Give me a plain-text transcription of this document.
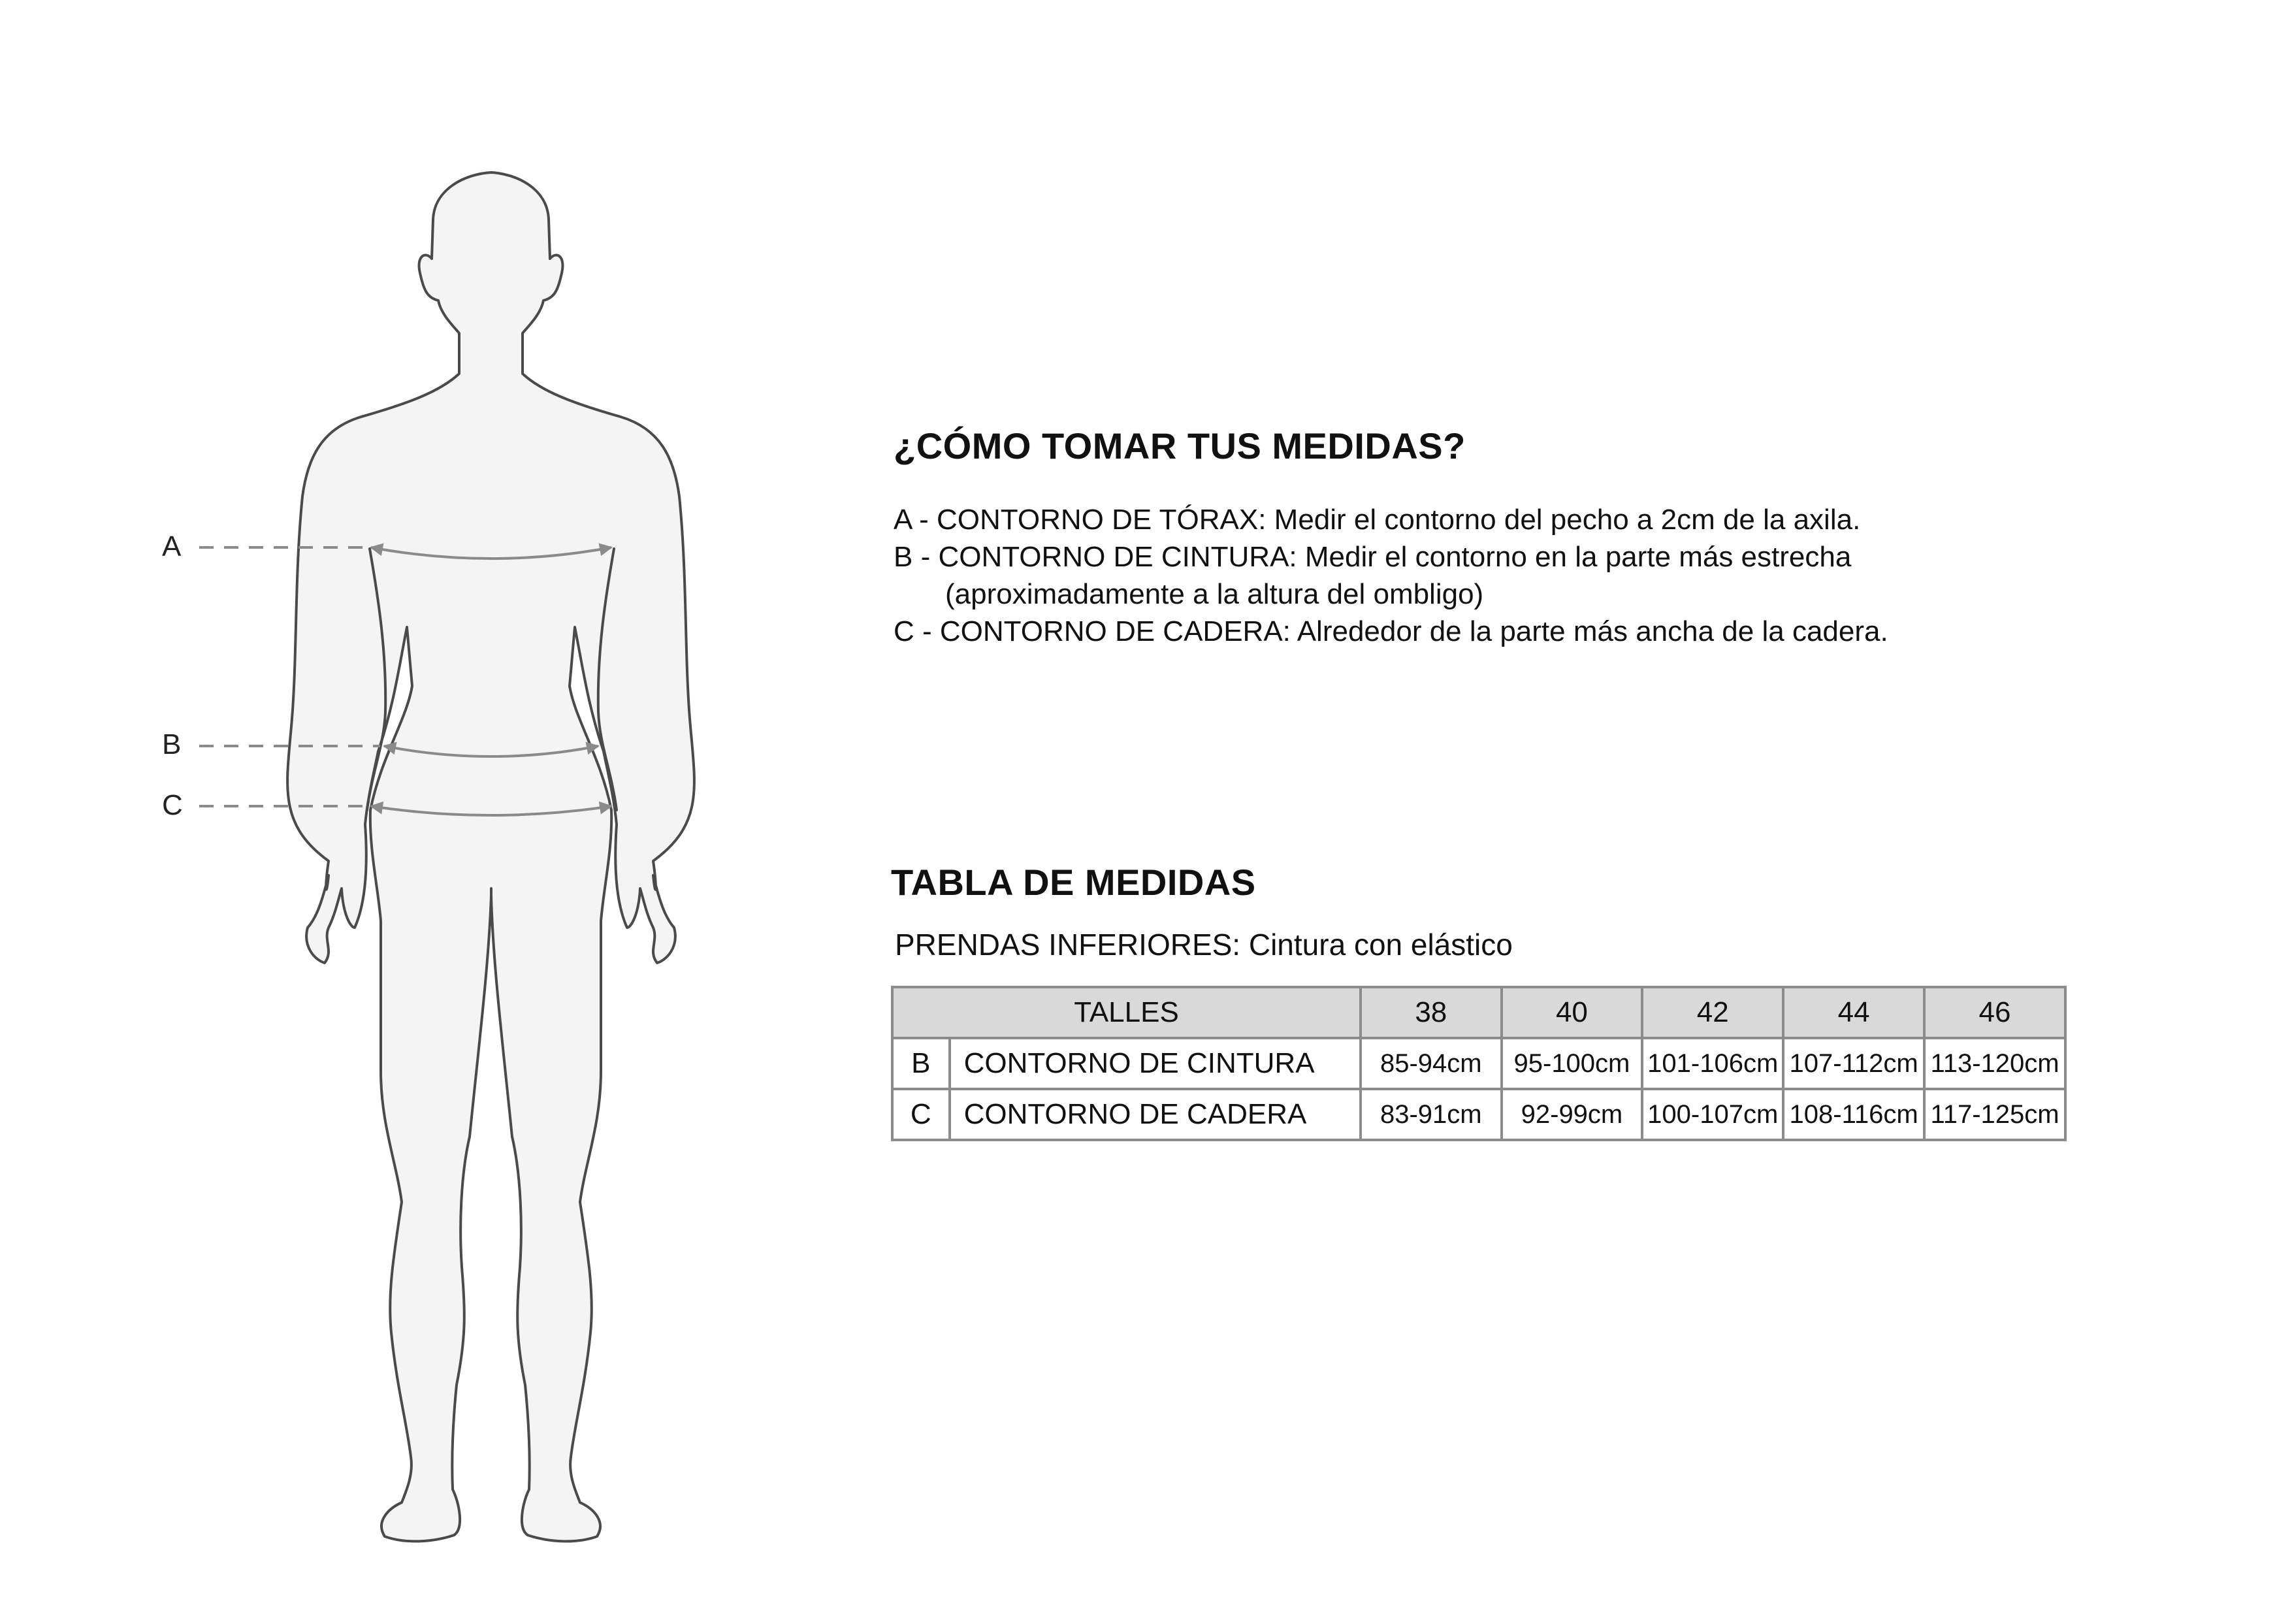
A
B
C
¿CÓMO TOMAR TUS MEDIDAS?

A - CONTORNO DE TÓRAX: Medir el contorno del pecho a 2cm de la axila.

B - CONTORNO DE CINTURA: Medir el contorno en la parte más estrecha

(aproximadamente a la altura del ombligo)

C - CONTORNO DE CADERA: Alrededor de la parte más ancha de la cadera.

TABLA DE MEDIDAS

PRENDAS INFERIORES: Cintura con elástico

TALLES		38	40	42	44	46
B	CONTORNO DE CINTURA	85-94cm	95-100cm	101-106cm	107-112cm	113-120cm
C	CONTORNO DE CADERA	83-91cm	92-99cm	100-107cm	108-116cm	117-125cm
